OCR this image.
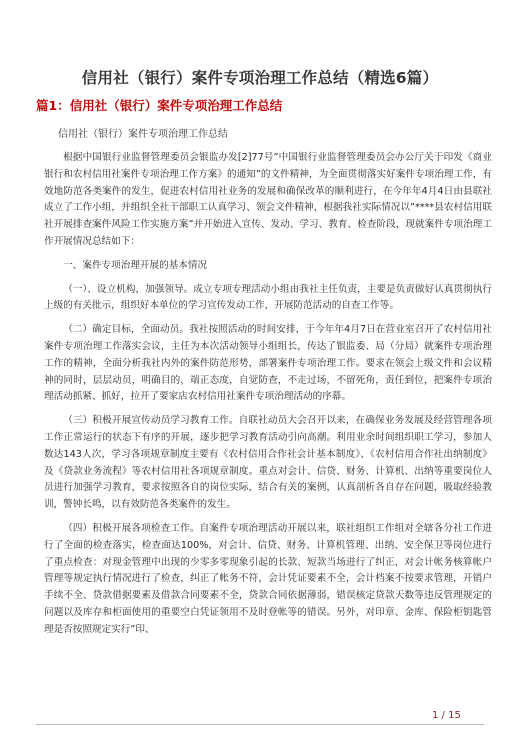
信用社（银行）案件专项治理工作总结（精选6篇）
篇1：信用社（银行）案件专项治理工作总结
信用社（银行）案件专项治理工作总结

根据中国银行业监督管理委员会银监办发[2]77号”中国银行业监督管理委员会办公厅关于印发《商业银行和农村信用社案件专项治理工作方案》的通知”的文件精神，为全面贯彻落实好案件专项治理工作，有效地防范各类案件的发生，促进农村信用社业务的发展和确保改革的顺利进行，在今年年4月4日由县联社成立了工作小组，并组织全社干部职工认真学习、领会文件精神，根据我社实际情况以”****县农村信用联社开展排查案件风险工作实施方案”并开始进入宣传、发动、学习、教育、检查阶段，现就案件专项治理工作开展情况总结如下：

一、案件专项治理开展的基本情况

（一）、设立机构，加强领导。成立专项专理活动小组由我社主任负责，主要是负责做好认真贯彻执行上级的有关批示，组织好本单位的学习宣传发动工作，开展防范活动的自查工作等。

（二）确定目标，全面动员。我社按照活动的时间安排，于今年年4月7日在营业室召开了农村信用社案件专项治理工作落实会议，主任为本次活动领导小组组长，传达了银监委、局（分局）就案件专项治理工作的精神，全面分析我社内外的案件防范形势，部署案件专项治理工作。要求在领会上级文件和会议精神的同时，层层动员，明确目的，端正态度，自觉防查，不走过场，不留死角，责任到位，把案件专项治理活动抓紧、抓好，拉开了要家店农村信用社案件专项治理活动的序幕。

（三）积极开展宣传动员学习教育工作。自联社动员大会召开以来，在确保业务发展及经营管理各项工作正常运行的状态下有序的开展，逐步把学习教育活动引向高潮。利用业余时间组织职工学习，参加人数达143人次，学习各项规章制度主要有《农村信用合作社会计基本制度》、《农村信用合作社出纳制度》及《贷款业务流程》等农村信用社各项规章制度。重点对会计、信贷、财务、计算机、出纳等重要岗位人员进行加强学习教育，要求按照各自的岗位实际，结合有关的案例，认真剖析各自存在问题，吸取经验教训，警钟长鸣，以有效防范各类案件的发生。

（四）积极开展各项检查工作。自案件专项治理活动开展以来，联社组织工作组对全辖各分社工作进行了全面的检查落实，检查面达100%，对会计、信贷、财务、计算机管理、出纳、安全保卫等岗位进行了重点检查：对现金管理中出现的少零多零现象引起的长款、短款当场进行了纠正，对会计帐务核算帐户管理等规定执行情况进行了检查，纠正了帐务不符，会计凭证要素不全，会计档案不按要求管理，开销户手续不全、贷款借据要素及借款合同要素不全，贷款合同依据薄弱，错误核定贷款天数等违反管理规定的问题以及库存和柜面使用的重要空白凭证领用不及时登帐等的错误。另外，对印章、金库、保险柜钥匙管理是否按照规定实行”印、

1 / 15
